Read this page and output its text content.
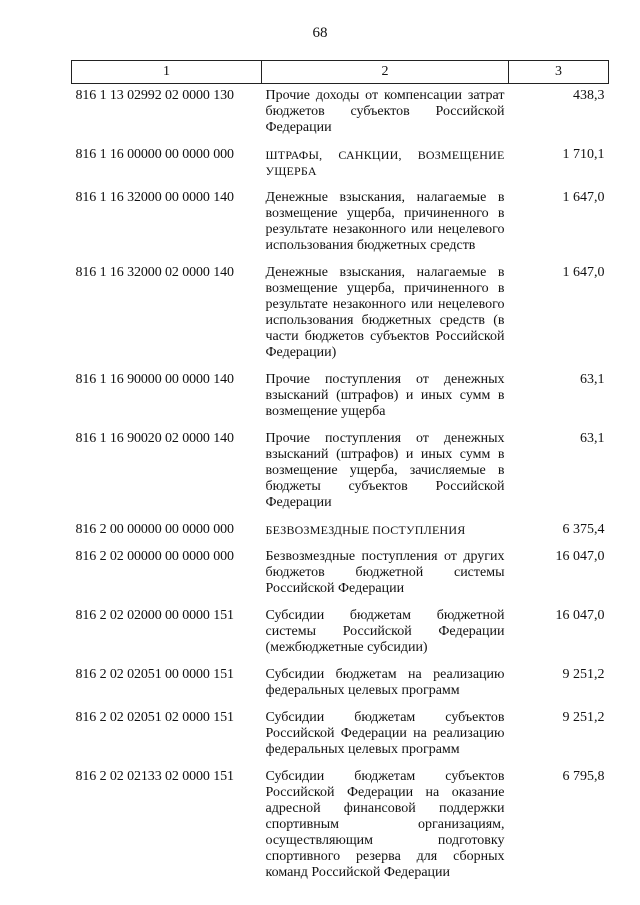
68
1	2	3
816 1 13 02992 02 0000 130	Прочие доходы от компенсации затрат бюджетов субъектов Российской Федерации	438,3
816 1 16 00000 00 0000 000	ШТРАФЫ, САНКЦИИ, ВОЗМЕЩЕНИЕ УЩЕРБА	1 710,1
816 1 16 32000 00 0000 140	Денежные взыскания, налагаемые в возмещение ущерба, причиненного в результате незаконного или нецелевого использования бюджетных средств	1 647,0
816 1 16 32000 02 0000 140	Денежные взыскания, налагаемые в возмещение ущерба, причиненного в результате незаконного или нецелевого использования бюджетных средств (в части бюджетов субъектов Российской Федерации)	1 647,0
816 1 16 90000 00 0000 140	Прочие поступления от денежных взысканий (штрафов) и иных сумм в возмещение ущерба	63,1
816 1 16 90020 02 0000 140	Прочие поступления от денежных взысканий (штрафов) и иных сумм в возмещение ущерба, зачисляемые в бюджеты субъектов Российской Федерации	63,1
816 2 00 00000 00 0000 000	БЕЗВОЗМЕЗДНЫЕ ПОСТУПЛЕНИЯ	6 375,4
816 2 02 00000 00 0000 000	Безвозмездные поступления от других бюджетов бюджетной системы Российской Федерации	16 047,0
816 2 02 02000 00 0000 151	Субсидии бюджетам бюджетной системы Российской Федерации (межбюджетные субсидии)	16 047,0
816 2 02 02051 00 0000 151	Субсидии бюджетам на реализацию федеральных целевых программ	9 251,2
816 2 02 02051 02 0000 151	Субсидии бюджетам субъектов Российской Федерации на реализацию федеральных целевых программ	9 251,2
816 2 02 02133 02 0000 151	Субсидии бюджетам субъектов Российской Федерации на оказание адресной финансовой поддержки спортивным организациям, осуществляющим подготовку спортивного резерва для сборных команд Российской Федерации	6 795,8
